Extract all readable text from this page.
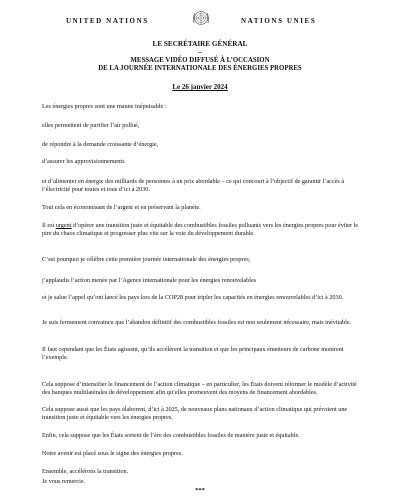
UNITED NATIONS	NATIONS UNIES
LE SECRÉTAIRE GÉNÉRAL
--
MESSAGE VIDÉO DIFFUSÉ À L’OCCASION
DE LA JOURNÉE INTERNATIONALE DES ÉNERGIES PROPRES
Le 26 janvier 2024
Les énergies propres sont une manne inépuisable :
elles permettent de purifier l’air pollué,
de répondre à la demande croissante d’énergie,
d’assurer les approvisionnements
et d’alimenter en énergie des milliards de personnes à un prix abordable – ce qui concourt à l’objectif de garantir l’accès à l’électricité pour toutes et tous d’ici à 2030.
Tout cela en économisant de l’argent et en préservant la planète.
Il est urgent d’opérer une transition juste et équitable des combustibles fossiles polluants vers les énergies propres pour éviter le pire du chaos climatique et progresser plus vite sur la voie du développement durable.
C’est pourquoi je célèbre cette première journée internationale des énergies propres,
j’applaudis l’action menée par l’Agence internationale pour les énergies renouvelables
et je salue l’appel qu’ont lancé les pays lors de la COP28 pour tripler les capacités en énergies renouvelables d’ici à 2030.
Je suis fermement convaincu que l’abandon définitif des combustibles fossiles est non seulement nécessaire, mais inévitable.
Il faut cependant que les États agissent, qu’ils accélèrent la transition et que les principaux émetteurs de carbone montrent l’exemple.
Cela suppose d’intensifier le financement de l’action climatique – en particulier, les États doivent réformer le modèle d’activité des banques multilatérales de développement afin qu’elles promeuvent des moyens de financement abordables.
Cela suppose aussi que les pays élaborent, d’ici à 2025, de nouveaux plans nationaux d’action climatique qui prévoient une transition juste et équitable vers les énergies propres.
Enfin, cela suppose que les États sortent de l’ère des combustibles fossiles de manière juste et équitable.
Notre avenir est placé sous le signe des énergies propres.
Ensemble, accélérons la transition.
Je vous remercie.
***
